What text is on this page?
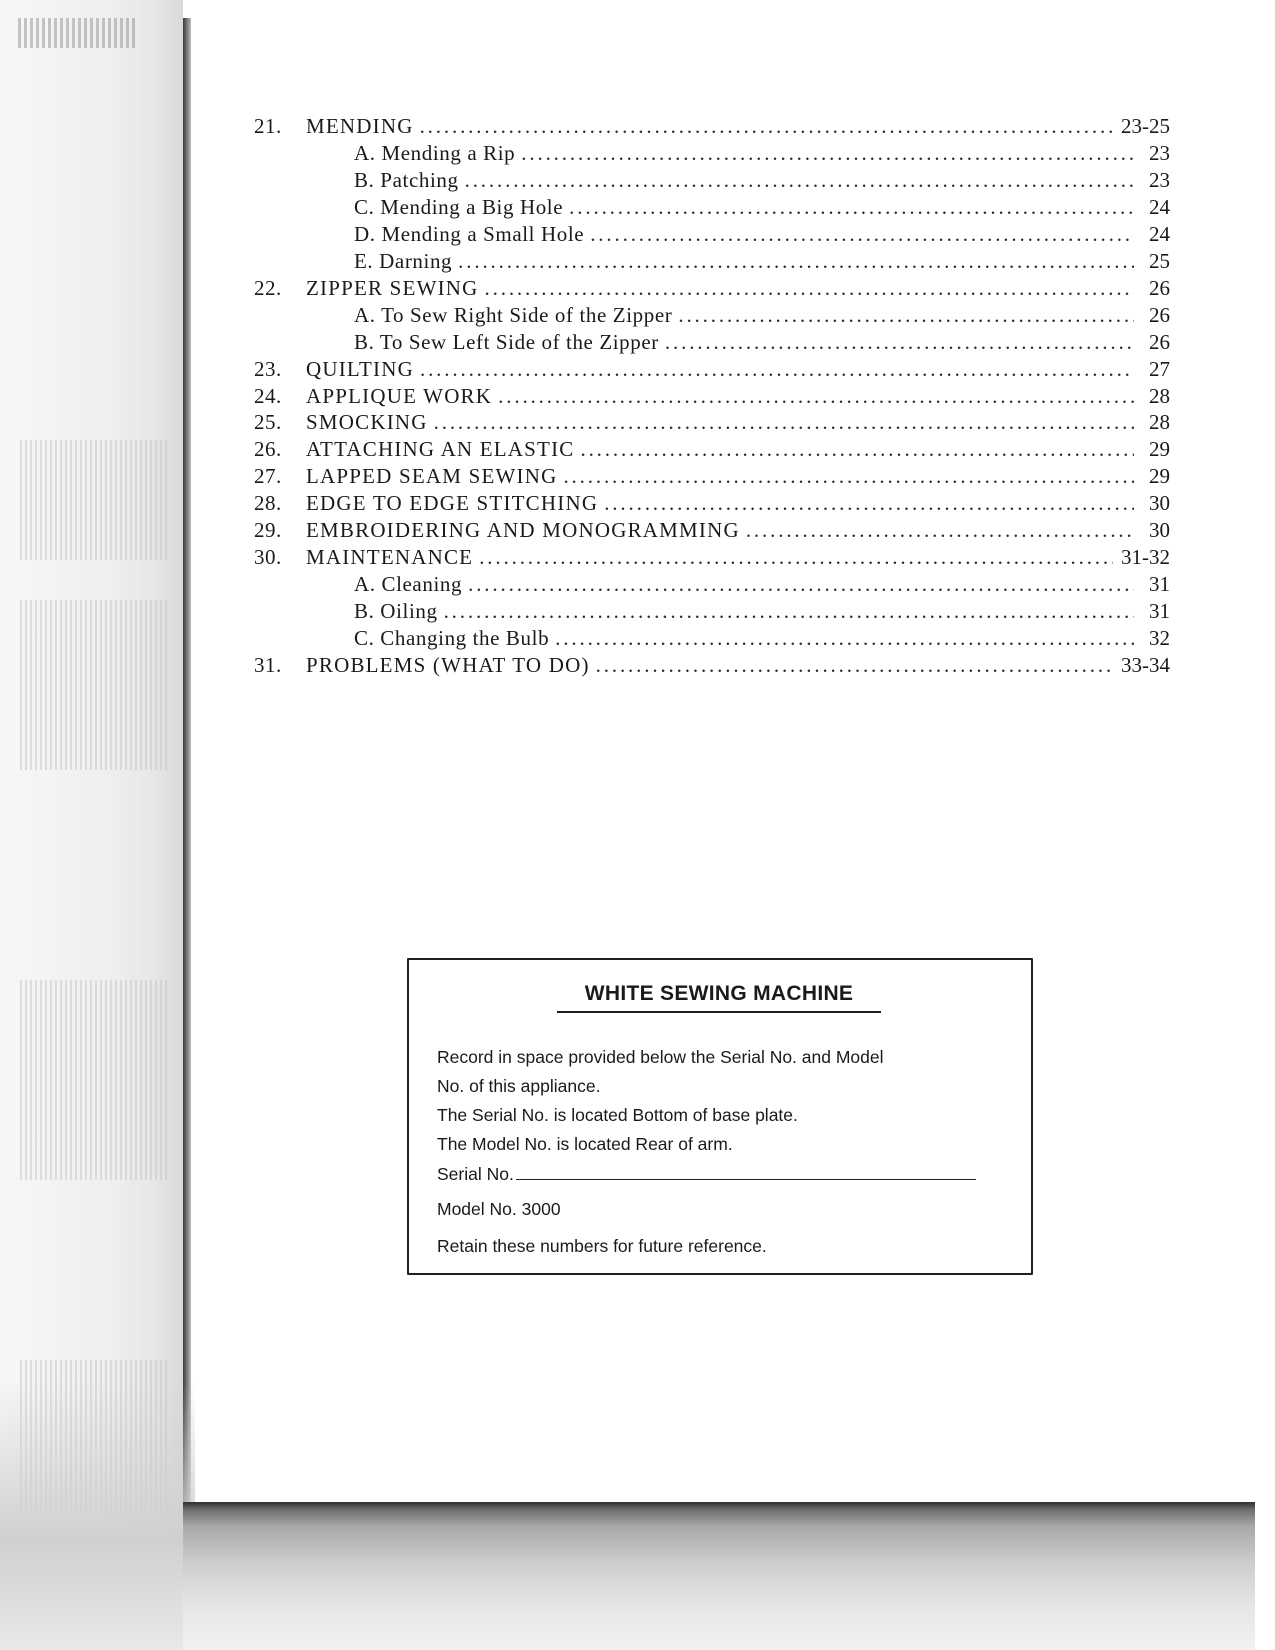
21.	MENDING . . .	23-25
A. Mending a Rip . . .	23
B. Patching . . .	23
C. Mending a Big Hole . . .	24
D. Mending a Small Hole . . .	24
E. Darning . . .	25
22.	ZIPPER SEWING . . .	26
A. To Sew Right Side of the Zipper . . .	26
B. To Sew Left Side of the Zipper . . .	26
23.	QUILTING . . .	27
24.	APPLIQUE WORK . . .	28
25.	SMOCKING . . .	28
26.	ATTACHING AN ELASTIC . . .	29
27.	LAPPED SEAM SEWING . . .	29
28.	EDGE TO EDGE STITCHING . . .	30
29.	EMBROIDERING AND MONOGRAMMING . . .	30
30.	MAINTENANCE . . .	31-32
A. Cleaning . . .	31
B. Oiling . . .	31
C. Changing the Bulb . . .	32
31.	PROBLEMS (WHAT TO DO) . . .	33-34
WHITE SEWING MACHINE
Record in space provided below the Serial No. and Model
No. of this appliance.
The Serial No. is located Bottom of base plate.
The Model No. is located Rear of arm.
Serial No.
Model No. 3000
Retain these numbers for future reference.
